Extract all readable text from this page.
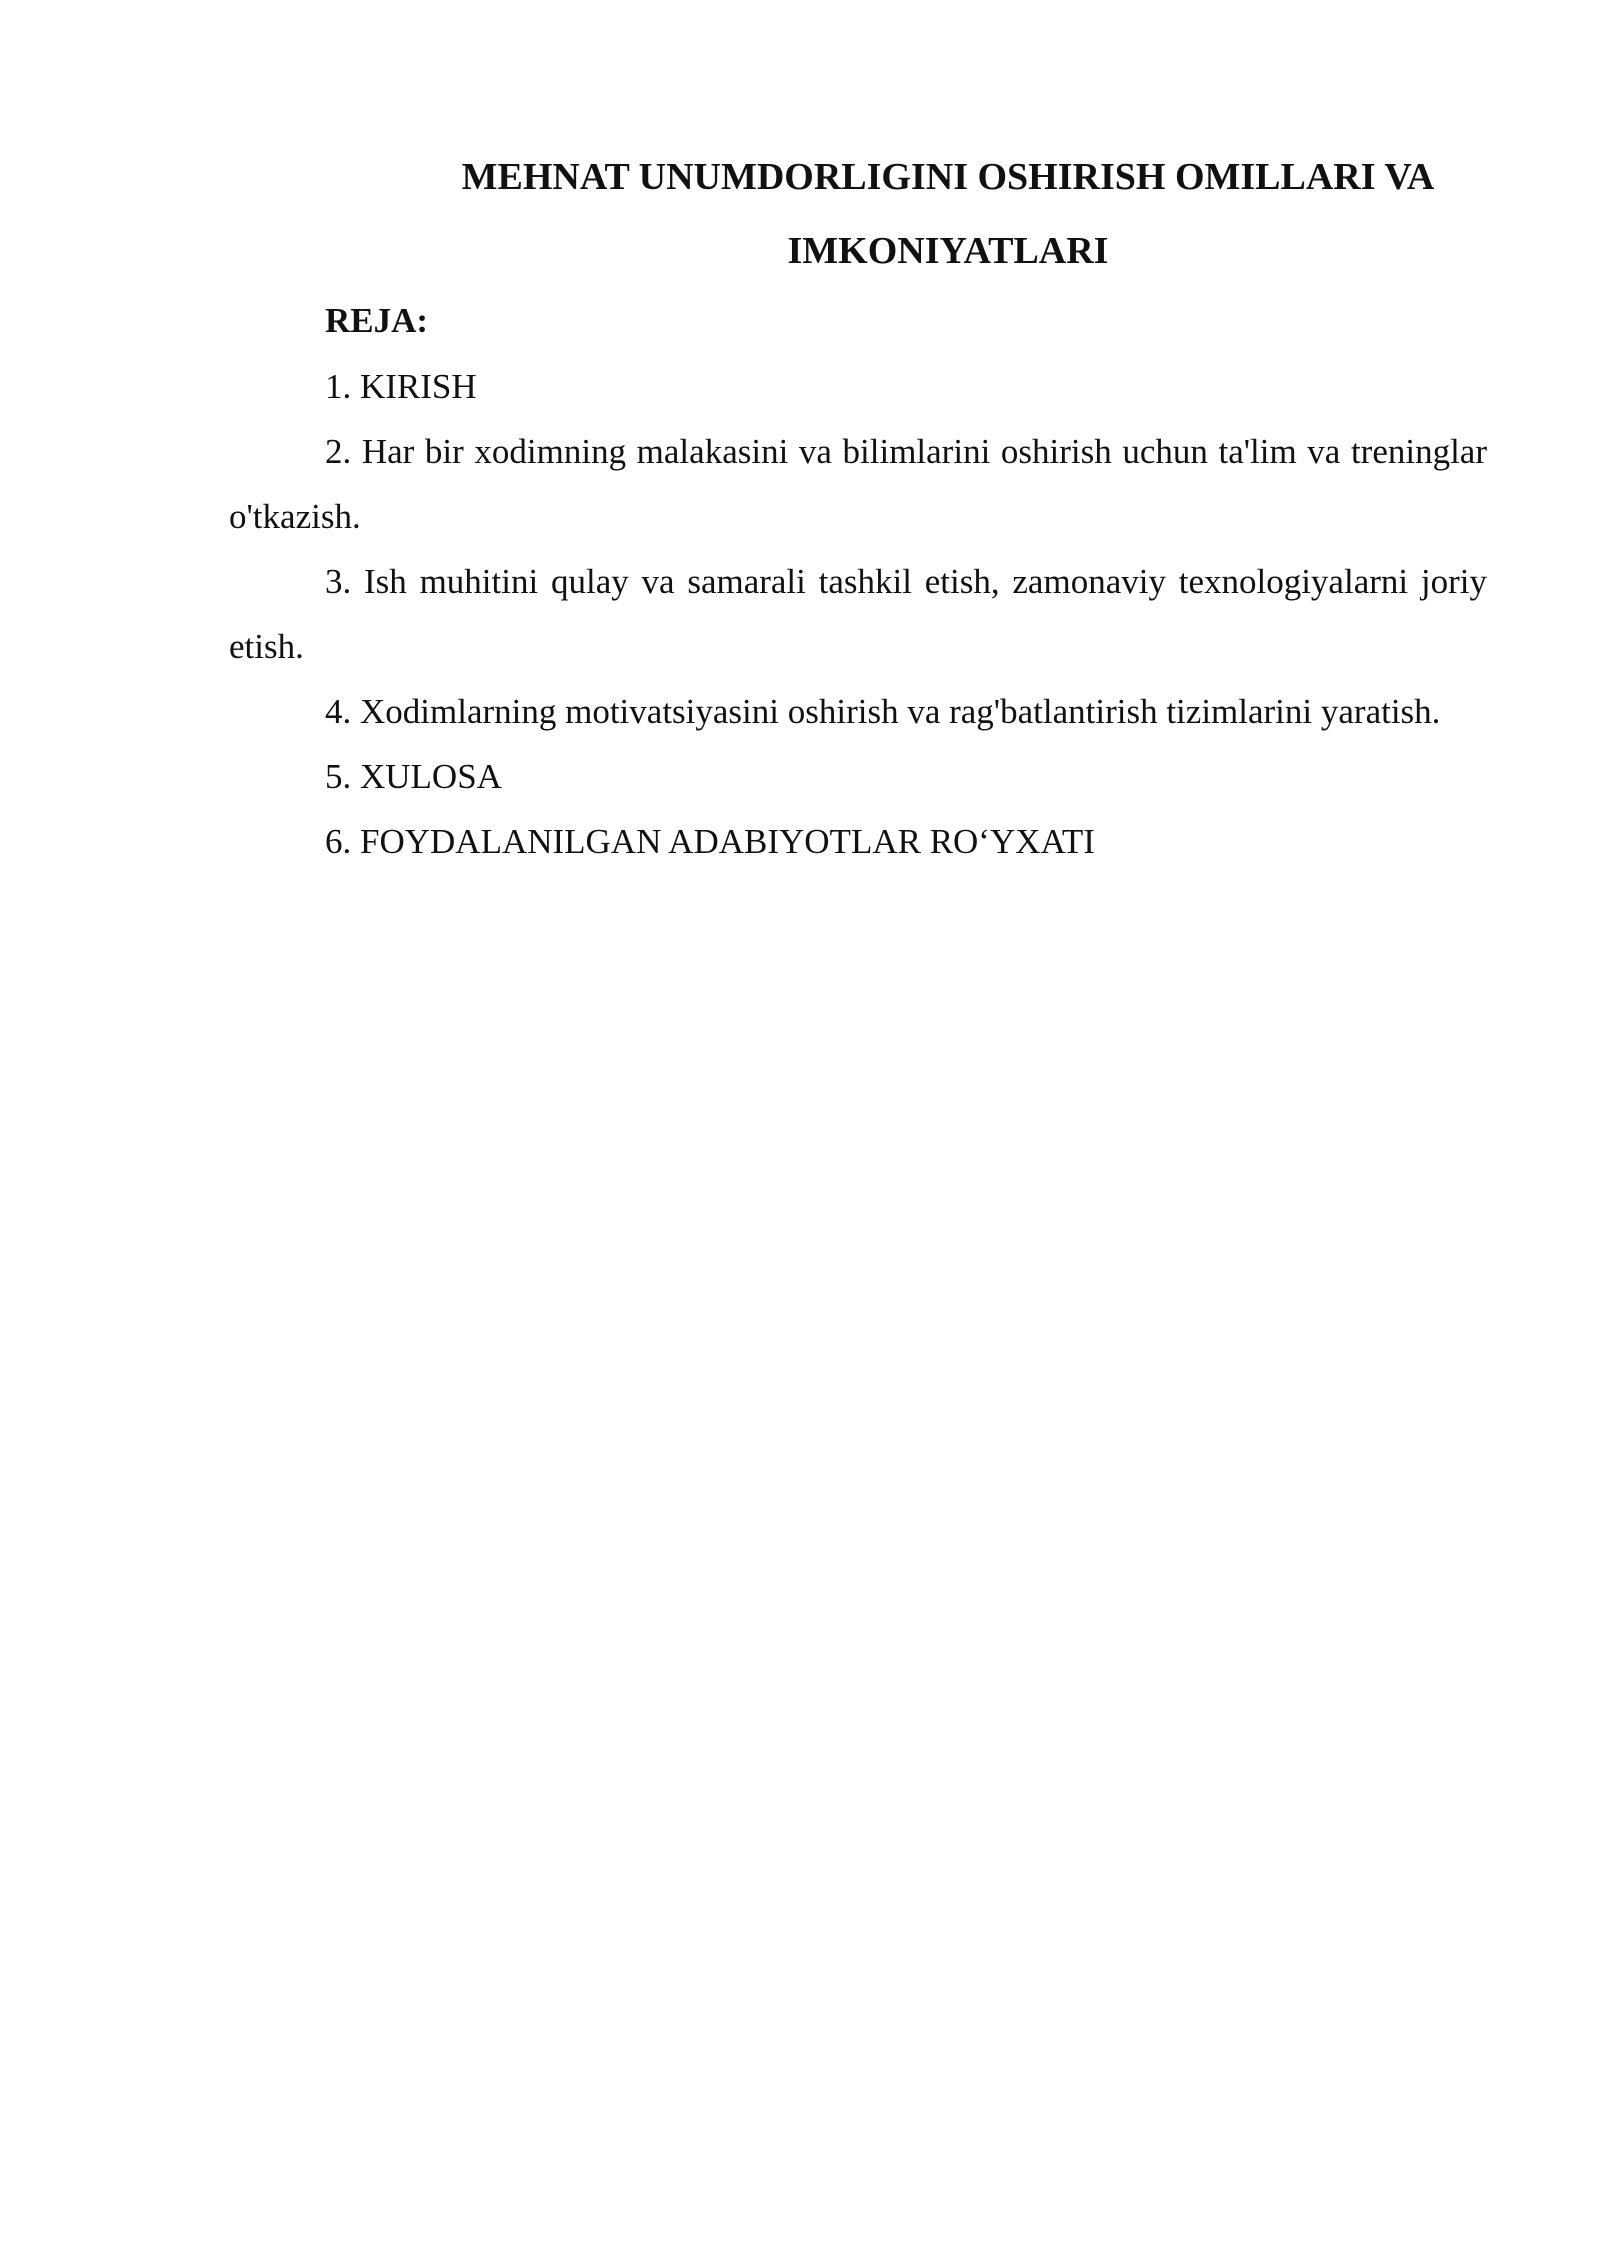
MEHNAT UNUMDORLIGINI OSHIRISH OMILLARI VA
IMKONIYATLARI

REJA:

1. KIRISH
2. Har bir xodimning malakasini va bilimlarini oshirish uchun ta'lim va treninglar o'tkazish.
3. Ish muhitini qulay va samarali tashkil etish, zamonaviy texnologiyalarni joriy etish.
4. Xodimlarning motivatsiyasini oshirish va rag'batlantirish tizimlarini yaratish.
5. XULOSA
6. FOYDALANILGAN ADABIYOTLAR RO‘YXATI
